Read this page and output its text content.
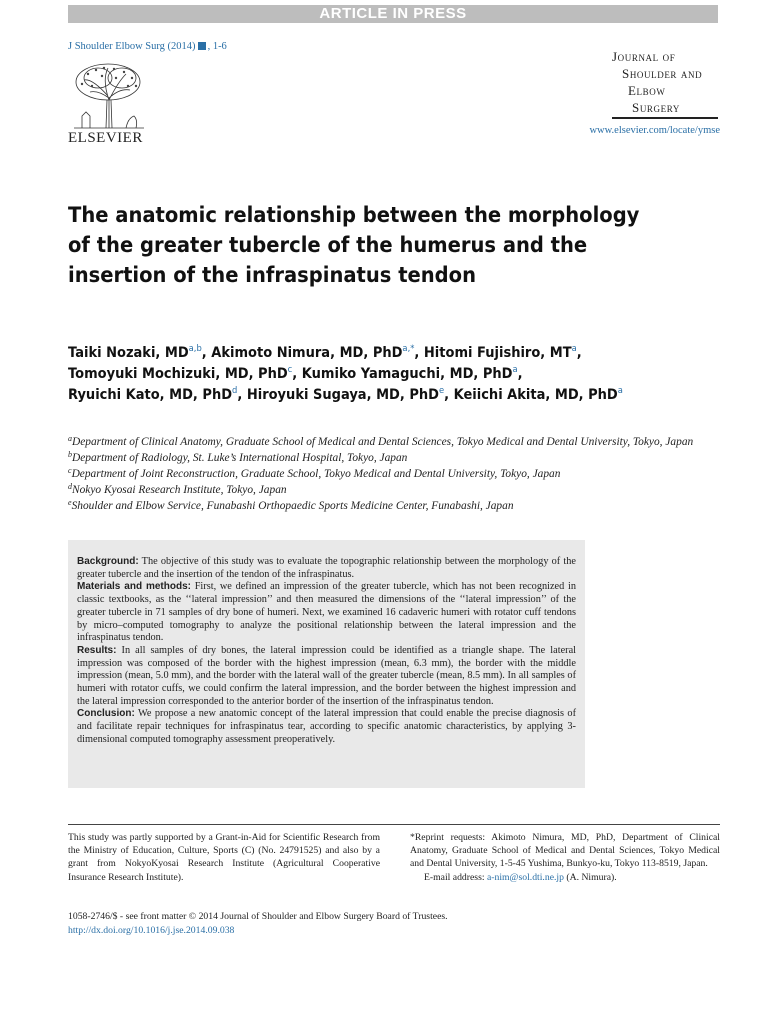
ARTICLE IN PRESS
J Shoulder Elbow Surg (2014) , 1-6
ELSEVIER
Journal of
Shoulder and
Elbow
Surgery
www.elsevier.com/locate/ymse
The anatomic relationship between the morphology of the greater tubercle of the humerus and the insertion of the infraspinatus tendon
Taiki Nozaki, MD$^{a,b}$, Akimoto Nimura, MD, PhD$^{a,*}$, Hitomi Fujishiro, $MT^a$,
Tomoyuki Mochizuki, MD, PhD$^c$, Kumiko Yamaguchi, MD, PhD$^a$,
Ryuichi Kato, MD, PhD$^d$, Hiroyuki Sugaya, MD, PhD$^e$, Keiichi Akita, MD, PhD$^a$

$^a$Department of Clinical Anatomy, Graduate School of Medical and Dental Sciences, Tokyo Medical and Dental University, Tokyo, Japan

$^b$Department of Radiology, St. Luke’s International Hospital, Tokyo, Japan

$^c$Department of Joint Reconstruction, Graduate School, Tokyo Medical and Dental University, Tokyo, Japan

$^d$Nokyo Kyosai Research Institute, Tokyo, Japan

$^e$Shoulder and Elbow Service, Funabashi Orthopaedic Sports Medicine Center, Funabashi, Japan

Background: The objective of this study was to evaluate the topographic relationship between the morphology of the greater tubercle and the insertion of the tendon of the infraspinatus.

Materials and methods: First, we defined an impression of the greater tubercle, which has not been recognized in classic textbooks, as the ‘‘lateral impression’’ and then measured the dimensions of the ‘‘lateral impression’’ of the greater tubercle in 71 samples of dry bone of humeri. Next, we examined 16 cadaveric humeri with rotator cuff tendons by micro–computed tomography to analyze the positional relationship between the lateral impression and the infraspinatus tendon.

Results: In all samples of dry bones, the lateral impression could be identified as a triangle shape. The lateral impression was composed of the border with the highest impression (mean, 6.3 mm), the border with the middle impression (mean, 5.0 mm), and the border with the lateral wall of the greater tubercle (mean, 8.5 mm). In all samples of humeri with rotator cuffs, we could confirm the lateral impression, and the border between the highest impression and the lateral impression corresponded to the anterior border of the insertion of the infraspinatus tendon.

Conclusion: We propose a new anatomic concept of the lateral impression that could enable the precise diagnosis of and facilitate repair techniques for infraspinatus tear, according to specific anatomic characteristics, by applying 3-dimensional computed tomography assessment preoperatively.

This study was partly supported by a Grant-in-Aid for Scientific Research from the Ministry of Education, Culture, Sports (C) (No. 24791525) and also by a grant from NokyoKyosai Research Institute (Agricultural Cooperative Insurance Research Institute).
*Reprint requests: Akimoto Nimura, MD, PhD, Department of Clinical Anatomy, Graduate School of Medical and Dental Sciences, Tokyo Medical and Dental University, 1-5-45 Yushima, Bunkyo-ku, Tokyo 113-8519, Japan.
E-mail address: a-nim@sol.dti.ne.jp (A. Nimura).
1058-2746/$ - see front matter © 2014 Journal of Shoulder and Elbow Surgery Board of Trustees.
http://dx.doi.org/10.1016/j.jse.2014.09.038
